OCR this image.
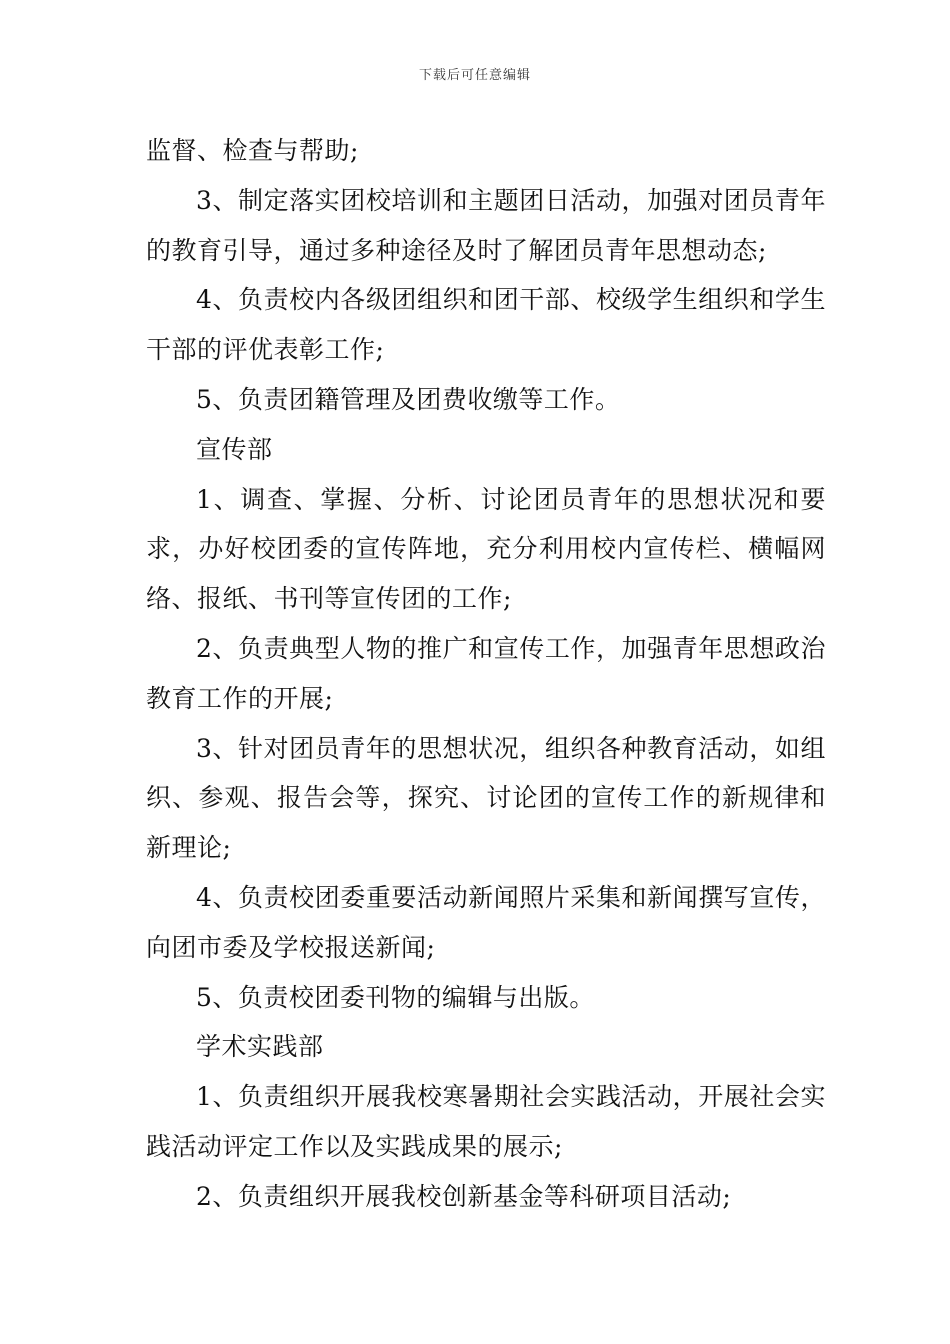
下载后可任意编辑

监督、检查与帮助;

3、制定落实团校培训和主题团日活动，加强对团员青年的教育引导，通过多种途径及时了解团员青年思想动态;

4、负责校内各级团组织和团干部、校级学生组织和学生干部的评优表彰工作;

5、负责团籍管理及团费收缴等工作。

宣传部

1、调查、掌握、分析、讨论团员青年的思想状况和要求，办好校团委的宣传阵地，充分利用校内宣传栏、横幅网络、报纸、书刊等宣传团的工作;

2、负责典型人物的推广和宣传工作，加强青年思想政治教育工作的开展;

3、针对团员青年的思想状况，组织各种教育活动，如组织、参观、报告会等，探究、讨论团的宣传工作的新规律和新理论;

4、负责校团委重要活动新闻照片采集和新闻撰写宣传，向团市委及学校报送新闻;

5、负责校团委刊物的编辑与出版。

学术实践部

1、负责组织开展我校寒暑期社会实践活动，开展社会实践活动评定工作以及实践成果的展示;

2、负责组织开展我校创新基金等科研项目活动;
